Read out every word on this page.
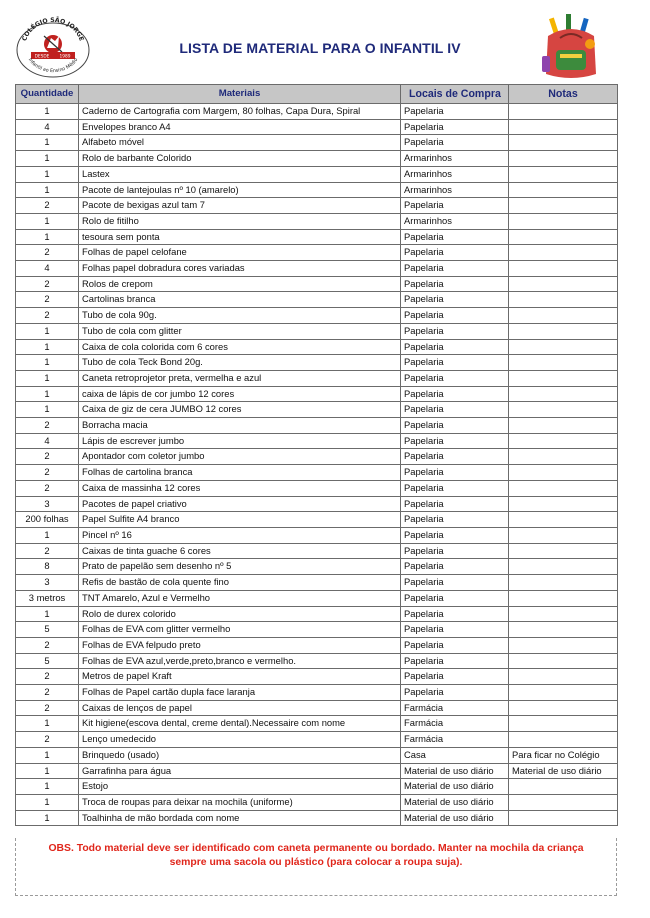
COLÉGIO SÃO JORGE
DESDE 1989
Infantil ao Ensino Médio
LISTA DE MATERIAL PARA O INFANTIL IV
Quantidade	Materiais	Locais de Compra	Notas
1	Caderno de Cartografia com Margem, 80 folhas, Capa Dura, Spiral	Papelaria	
4	Envelopes branco A4	Papelaria	
1	Alfabeto móvel	Papelaria	
1	Rolo de barbante Colorido	Armarinhos	
1	Lastex	Armarinhos	
1	Pacote de lantejoulas nº 10 (amarelo)	Armarinhos	
2	Pacote de bexigas azul tam 7	Papelaria	
1	Rolo de fitilho	Armarinhos	
1	tesoura sem ponta	Papelaria	
2	Folhas de papel celofane	Papelaria	
4	Folhas papel dobradura cores variadas	Papelaria	
2	Rolos de crepom	Papelaria	
2	Cartolinas branca	Papelaria	
2	Tubo de cola 90g.	Papelaria	
1	Tubo de cola com glitter	Papelaria	
1	Caixa de cola colorida com 6 cores	Papelaria	
1	Tubo de cola Teck Bond 20g.	Papelaria	
1	Caneta retroprojetor preta, vermelha e azul	Papelaria	
1	caixa de lápis de cor jumbo 12 cores	Papelaria	
1	Caixa de giz de cera JUMBO 12 cores	Papelaria	
2	Borracha macia	Papelaria	
4	Lápis de escrever jumbo	Papelaria	
2	Apontador com coletor jumbo	Papelaria	
2	Folhas de cartolina branca	Papelaria	
2	Caixa de massinha 12 cores	Papelaria	
3	Pacotes de papel criativo	Papelaria	
200 folhas	Papel Sulfite A4 branco	Papelaria	
1	Pincel nº 16	Papelaria	
2	Caixas de tinta guache 6 cores	Papelaria	
8	Prato de papelão sem desenho nº 5	Papelaria	
3	Refis de bastão de cola quente fino	Papelaria	
3 metros	TNT Amarelo, Azul e Vermelho	Papelaria	
1	Rolo de durex colorido	Papelaria	
5	Folhas de EVA com glitter vermelho	Papelaria	
2	Folhas de EVA felpudo preto	Papelaria	
5	Folhas de EVA azul,verde,preto,branco e vermelho.	Papelaria	
2	Metros de papel Kraft	Papelaria	
2	Folhas de Papel cartão dupla face laranja	Papelaria	
2	Caixas de lenços de papel	Farmácia	
1	Kit higiene(escova dental, creme dental).Necessaire com nome	Farmácia	
2	Lenço umedecido	Farmácia	
1	Brinquedo (usado)	Casa	Para ficar no Colégio
1	Garrafinha para água	Material de uso diário	Material de uso diário
1	Estojo	Material de uso diário	
1	Troca de roupas para deixar na mochila (uniforme)	Material de uso diário	
1	Toalhinha de mão bordada com nome	Material de uso diário	
OBS. Todo material deve ser identificado com caneta permanente ou bordado. Manter na mochila da criança
sempre uma sacola ou plástico (para colocar a roupa suja).
